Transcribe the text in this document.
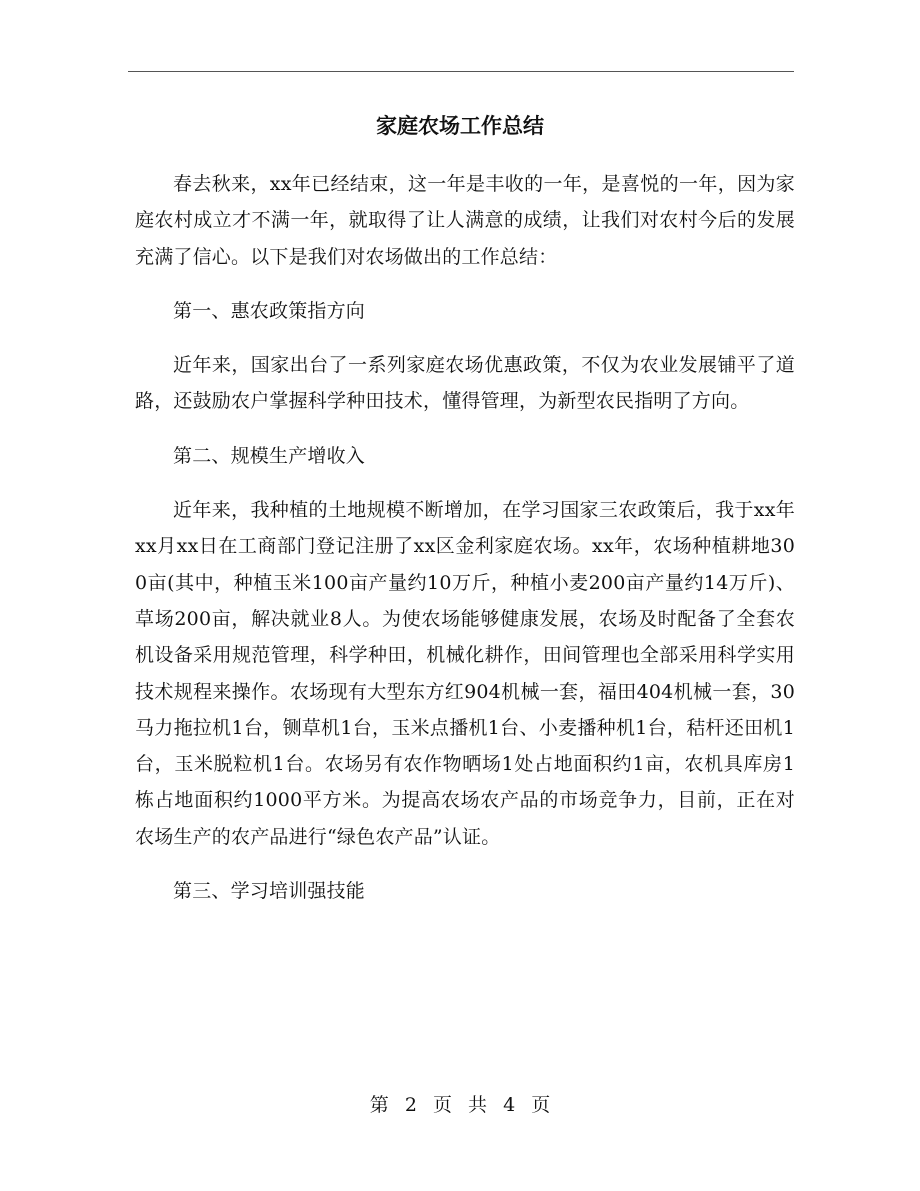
家庭农场工作总结

春去秋来，xx年已经结束，这一年是丰收的一年，是喜悦的一年，因为家庭农村成立才不满一年，就取得了让人满意的成绩，让我们对农村今后的发展充满了信心。以下是我们对农场做出的工作总结：

第一、惠农政策指方向

近年来，国家出台了一系列家庭农场优惠政策，不仅为农业发展铺平了道路，还鼓励农户掌握科学种田技术，懂得管理，为新型农民指明了方向。

第二、规模生产增收入

近年来，我种植的土地规模不断增加，在学习国家三农政策后，我于xx年xx月xx日在工商部门登记注册了xx区金利家庭农场。xx年，农场种植耕地300亩(其中，种植玉米100亩产量约10万斤，种植小麦200亩产量约14万斤)、草场200亩，解决就业8人。为使农场能够健康发展，农场及时配备了全套农机设备采用规范管理，科学种田，机械化耕作，田间管理也全部采用科学实用技术规程来操作。农场现有大型东方红904机械一套，福田404机械一套，30马力拖拉机1台，铡草机1台，玉米点播机1台、小麦播种机1台，秸杆还田机1台，玉米脱粒机1台。农场另有农作物晒场1处占地面积约1亩，农机具库房1栋占地面积约1000平方米。为提高农场农产品的市场竞争力，目前，正在对农场生产的农产品进行“绿色农产品”认证。

第三、学习培训强技能

第 2 页 共 4 页
